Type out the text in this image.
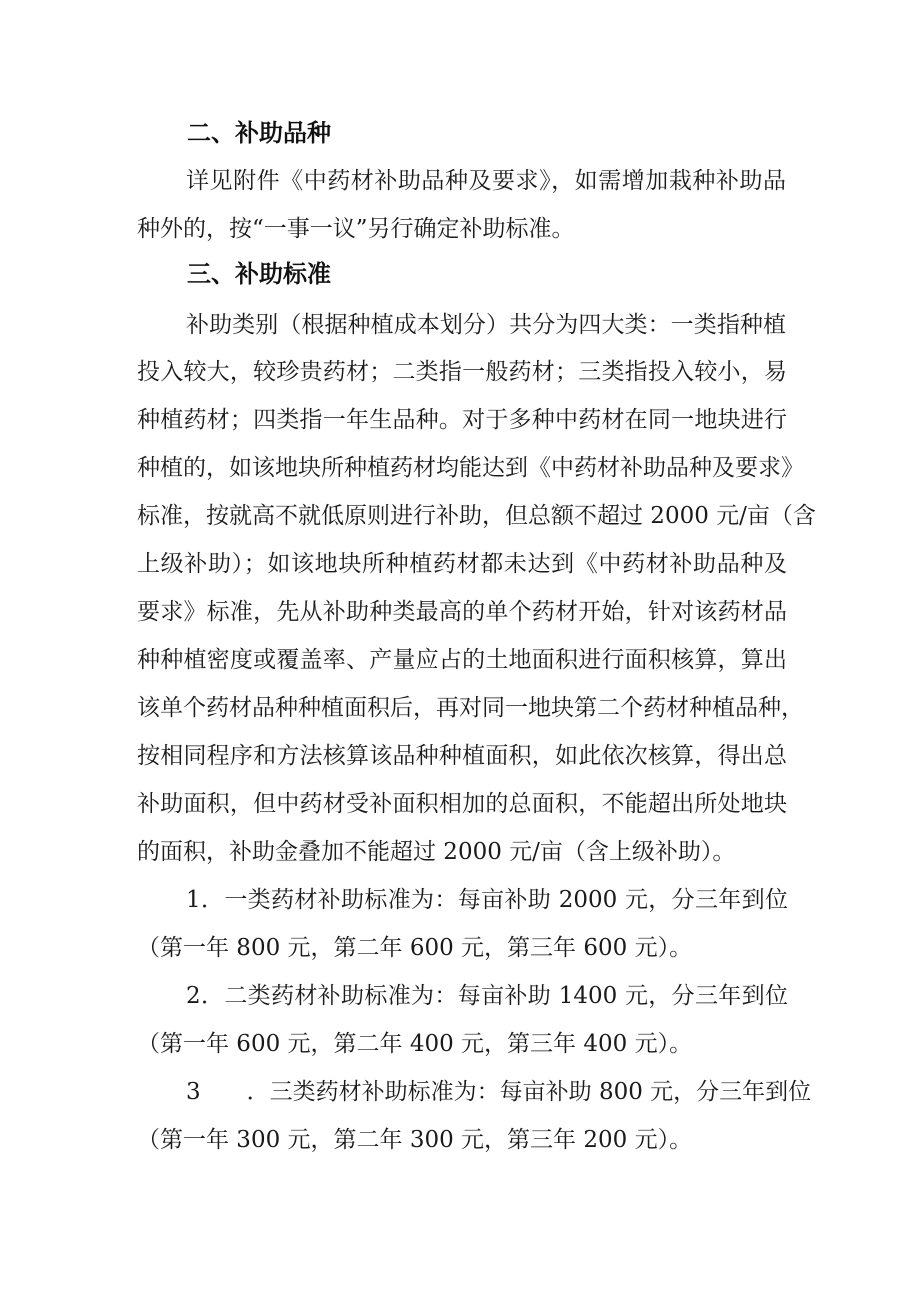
二、补助品种
详见附件《中药材补助品种及要求》，如需增加栽种补助品
种外的，按“一事一议”另行确定补助标准。
三、补助标准
补助类别（根据种植成本划分）共分为四大类：一类指种植
投入较大，较珍贵药材；二类指一般药材；三类指投入较小，易
种植药材；四类指一年生品种。对于多种中药材在同一地块进行
种植的，如该地块所种植药材均能达到《中药材补助品种及要求》
标准，按就高不就低原则进行补助，但总额不超过 2000 元/亩（含
上级补助）；如该地块所种植药材都未达到《中药材补助品种及
要求》标准，先从补助种类最高的单个药材开始，针对该药材品
种种植密度或覆盖率、产量应占的土地面积进行面积核算，算出
该单个药材品种种植面积后，再对同一地块第二个药材种植品种，
按相同程序和方法核算该品种种植面积，如此依次核算，得出总
补助面积，但中药材受补面积相加的总面积，不能超出所处地块
的面积，补助金叠加不能超过 2000 元/亩（含上级补助）。
1．一类药材补助标准为：每亩补助 2000 元，分三年到位
（第一年 800 元，第二年 600 元，第三年 600 元）。
2．二类药材补助标准为：每亩补助 1400 元，分三年到位
（第一年 600 元，第二年 400 元，第三年 400 元）。
3　　．三类药材补助标准为：每亩补助 800 元，分三年到位
（第一年 300 元，第二年 300 元，第三年 200 元）。
